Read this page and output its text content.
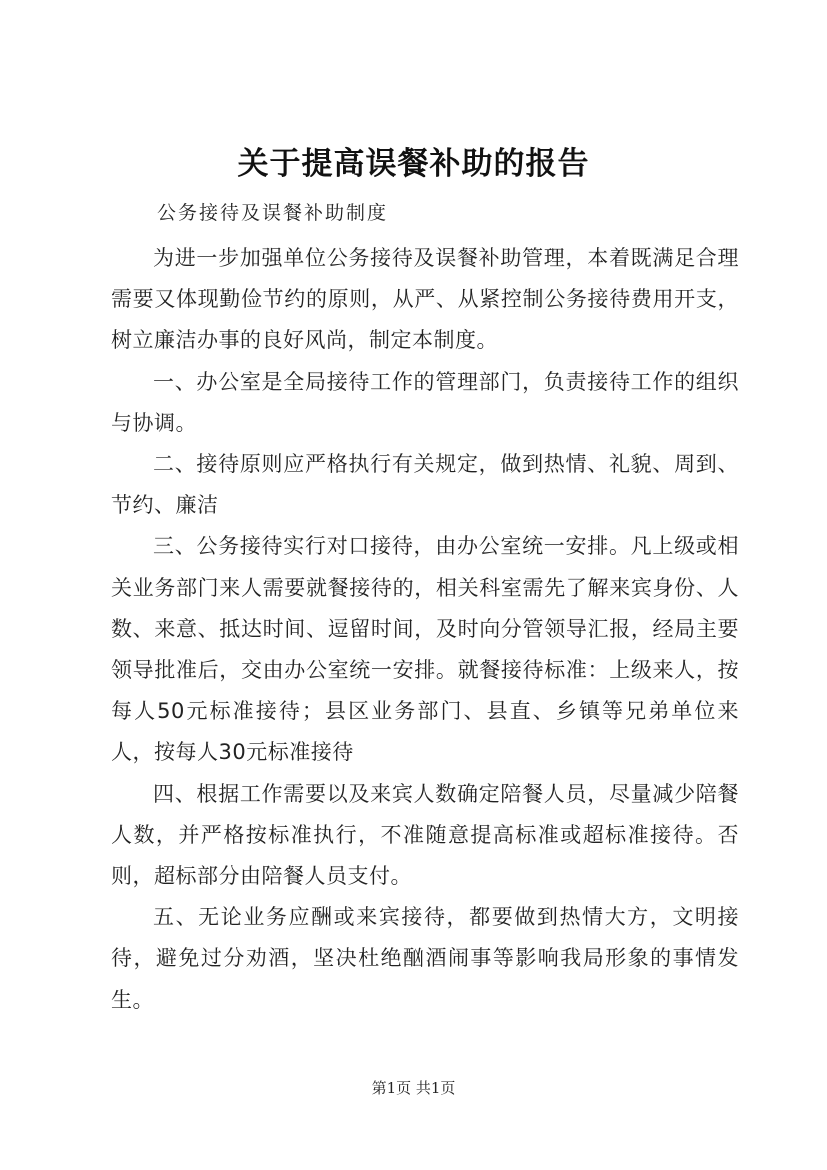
关于提高误餐补助的报告
公务接待及误餐补助制度

为进一步加强单位公务接待及误餐补助管理，本着既满足合理需要又体现勤俭节约的原则，从严、从紧控制公务接待费用开支，树立廉洁办事的良好风尚，制定本制度。

一、办公室是全局接待工作的管理部门，负责接待工作的组织与协调。

二、接待原则应严格执行有关规定，做到热情、礼貌、周到、节约、廉洁

三、公务接待实行对口接待，由办公室统一安排。凡上级或相关业务部门来人需要就餐接待的，相关科室需先了解来宾身份、人数、来意、抵达时间、逗留时间，及时向分管领导汇报，经局主要领导批准后，交由办公室统一安排。就餐接待标准：上级来人，按每人50元标准接待；县区业务部门、县直、乡镇等兄弟单位来人，按每人30元标准接待

四、根据工作需要以及来宾人数确定陪餐人员，尽量减少陪餐人数，并严格按标准执行，不准随意提高标准或超标准接待。否则，超标部分由陪餐人员支付。

五、无论业务应酬或来宾接待，都要做到热情大方，文明接待，避免过分劝酒，坚决杜绝酗酒闹事等影响我局形象的事情发生。

第1页 共1页
